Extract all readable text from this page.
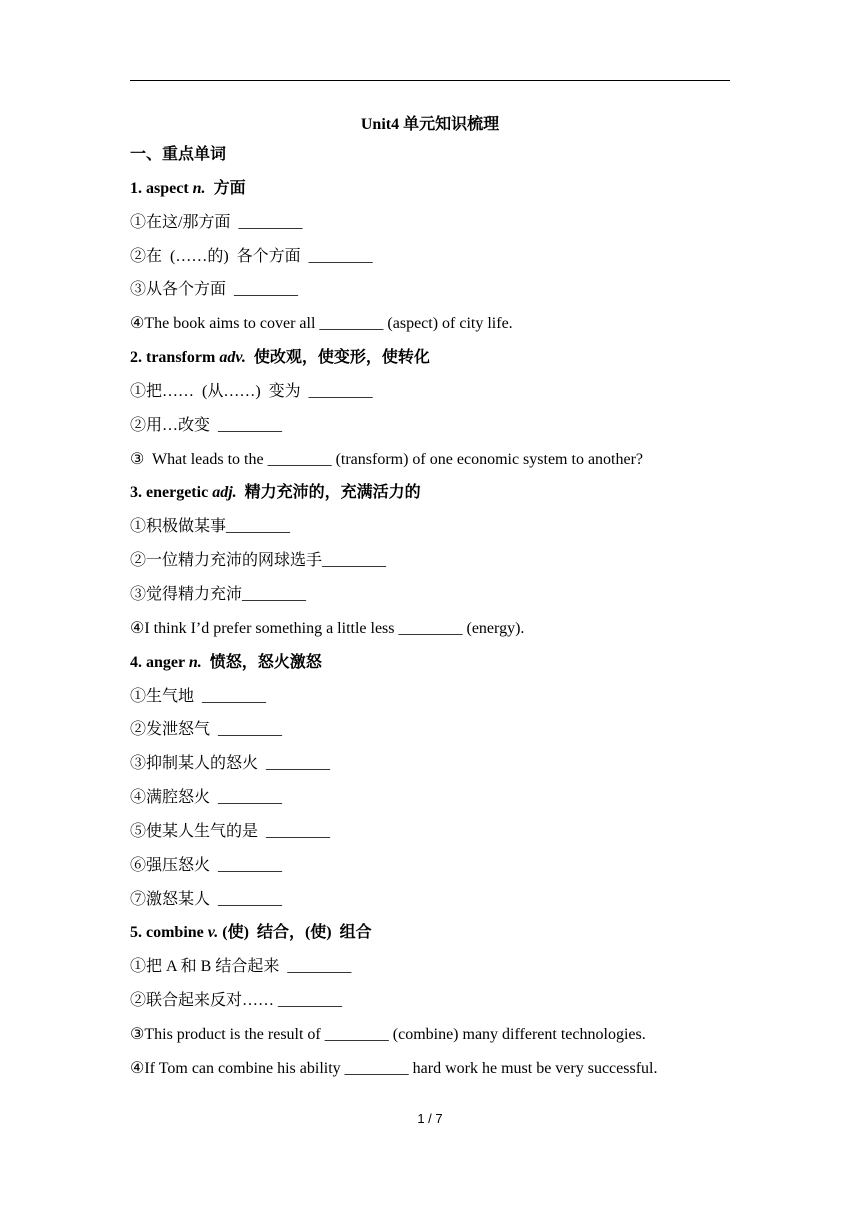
Unit4 单元知识梳理
一、重点单词
1. aspect n.  方面
①在这/那方面  ________
②在  (……的)  各个方面  ________
③从各个方面  ________
④The book aims to cover all ________ (aspect) of city life.
2. transform adv.  使改观，使变形，使转化
①把……  (从……)  变为  ________
②用…改变  ________
③  What leads to the ________ (transform) of one economic system to another?
3. energetic adj.  精力充沛的，充满活力的
①积极做某事________
②一位精力充沛的网球选手________
③觉得精力充沛________
④I think I’d prefer something a little less ________ (energy).
4. anger n.  愤怒，怒火激怒
①生气地  ________
②发泄怒气  ________
③抑制某人的怒火  ________
④满腔怒火  ________
⑤使某人生气的是  ________
⑥强压怒火  ________
⑦激怒某人  ________
5. combine v. (使)  结合，(使)  组合
①把 A 和 B 结合起来  ________
②联合起来反对…… ________
③This product is the result of ________ (combine) many different technologies.
④If Tom can combine his ability ________ hard work he must be very successful.
1 / 7
